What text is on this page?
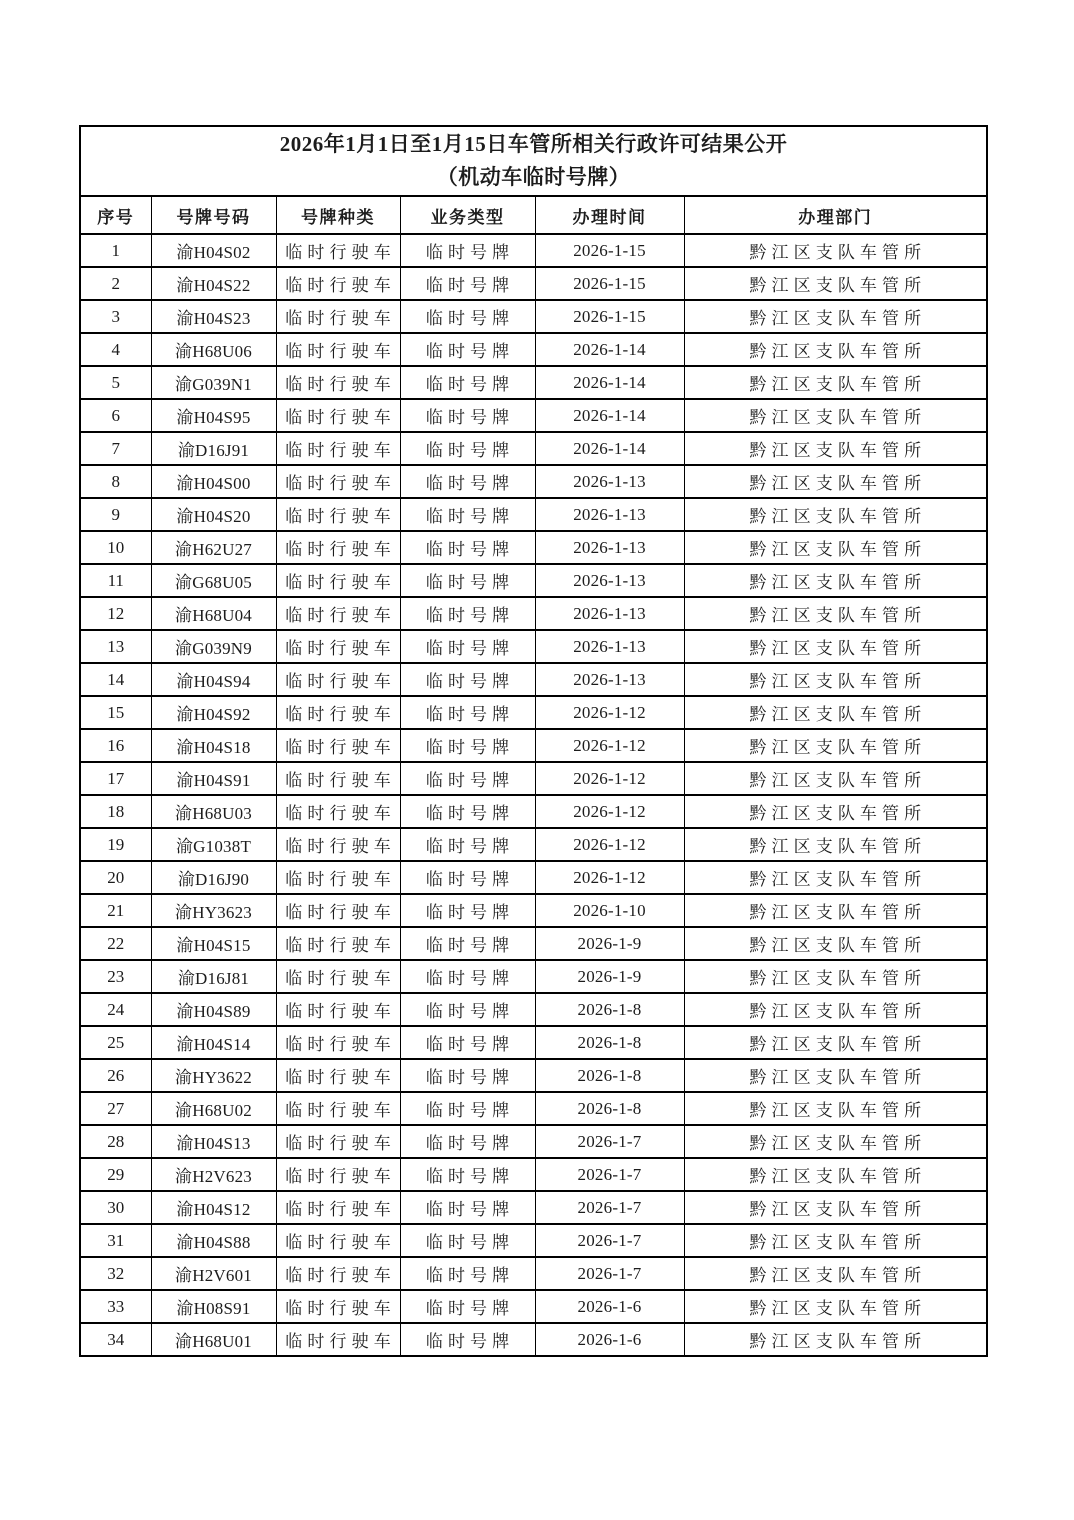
2026年1月1日至1月15日车管所相关行政许可结果公开
（机动车临时号牌）					

序号	号牌号码	号牌种类	业务类型	办理时间	办理部门
1	渝H04S02	临时行驶车	临时号牌	2026-1-15	黔江区支队车管所
2	渝H04S22	临时行驶车	临时号牌	2026-1-15	黔江区支队车管所
3	渝H04S23	临时行驶车	临时号牌	2026-1-15	黔江区支队车管所
4	渝H68U06	临时行驶车	临时号牌	2026-1-14	黔江区支队车管所
5	渝G039N1	临时行驶车	临时号牌	2026-1-14	黔江区支队车管所
6	渝H04S95	临时行驶车	临时号牌	2026-1-14	黔江区支队车管所
7	渝D16J91	临时行驶车	临时号牌	2026-1-14	黔江区支队车管所
8	渝H04S00	临时行驶车	临时号牌	2026-1-13	黔江区支队车管所
9	渝H04S20	临时行驶车	临时号牌	2026-1-13	黔江区支队车管所
10	渝H62U27	临时行驶车	临时号牌	2026-1-13	黔江区支队车管所
11	渝G68U05	临时行驶车	临时号牌	2026-1-13	黔江区支队车管所
12	渝H68U04	临时行驶车	临时号牌	2026-1-13	黔江区支队车管所
13	渝G039N9	临时行驶车	临时号牌	2026-1-13	黔江区支队车管所
14	渝H04S94	临时行驶车	临时号牌	2026-1-13	黔江区支队车管所
15	渝H04S92	临时行驶车	临时号牌	2026-1-12	黔江区支队车管所
16	渝H04S18	临时行驶车	临时号牌	2026-1-12	黔江区支队车管所
17	渝H04S91	临时行驶车	临时号牌	2026-1-12	黔江区支队车管所
18	渝H68U03	临时行驶车	临时号牌	2026-1-12	黔江区支队车管所
19	渝G1038T	临时行驶车	临时号牌	2026-1-12	黔江区支队车管所
20	渝D16J90	临时行驶车	临时号牌	2026-1-12	黔江区支队车管所
21	渝HY3623	临时行驶车	临时号牌	2026-1-10	黔江区支队车管所
22	渝H04S15	临时行驶车	临时号牌	2026-1-9	黔江区支队车管所
23	渝D16J81	临时行驶车	临时号牌	2026-1-9	黔江区支队车管所
24	渝H04S89	临时行驶车	临时号牌	2026-1-8	黔江区支队车管所
25	渝H04S14	临时行驶车	临时号牌	2026-1-8	黔江区支队车管所
26	渝HY3622	临时行驶车	临时号牌	2026-1-8	黔江区支队车管所
27	渝H68U02	临时行驶车	临时号牌	2026-1-8	黔江区支队车管所
28	渝H04S13	临时行驶车	临时号牌	2026-1-7	黔江区支队车管所
29	渝H2V623	临时行驶车	临时号牌	2026-1-7	黔江区支队车管所
30	渝H04S12	临时行驶车	临时号牌	2026-1-7	黔江区支队车管所
31	渝H04S88	临时行驶车	临时号牌	2026-1-7	黔江区支队车管所
32	渝H2V601	临时行驶车	临时号牌	2026-1-7	黔江区支队车管所
33	渝H08S91	临时行驶车	临时号牌	2026-1-6	黔江区支队车管所
34	渝H68U01	临时行驶车	临时号牌	2026-1-6	黔江区支队车管所
